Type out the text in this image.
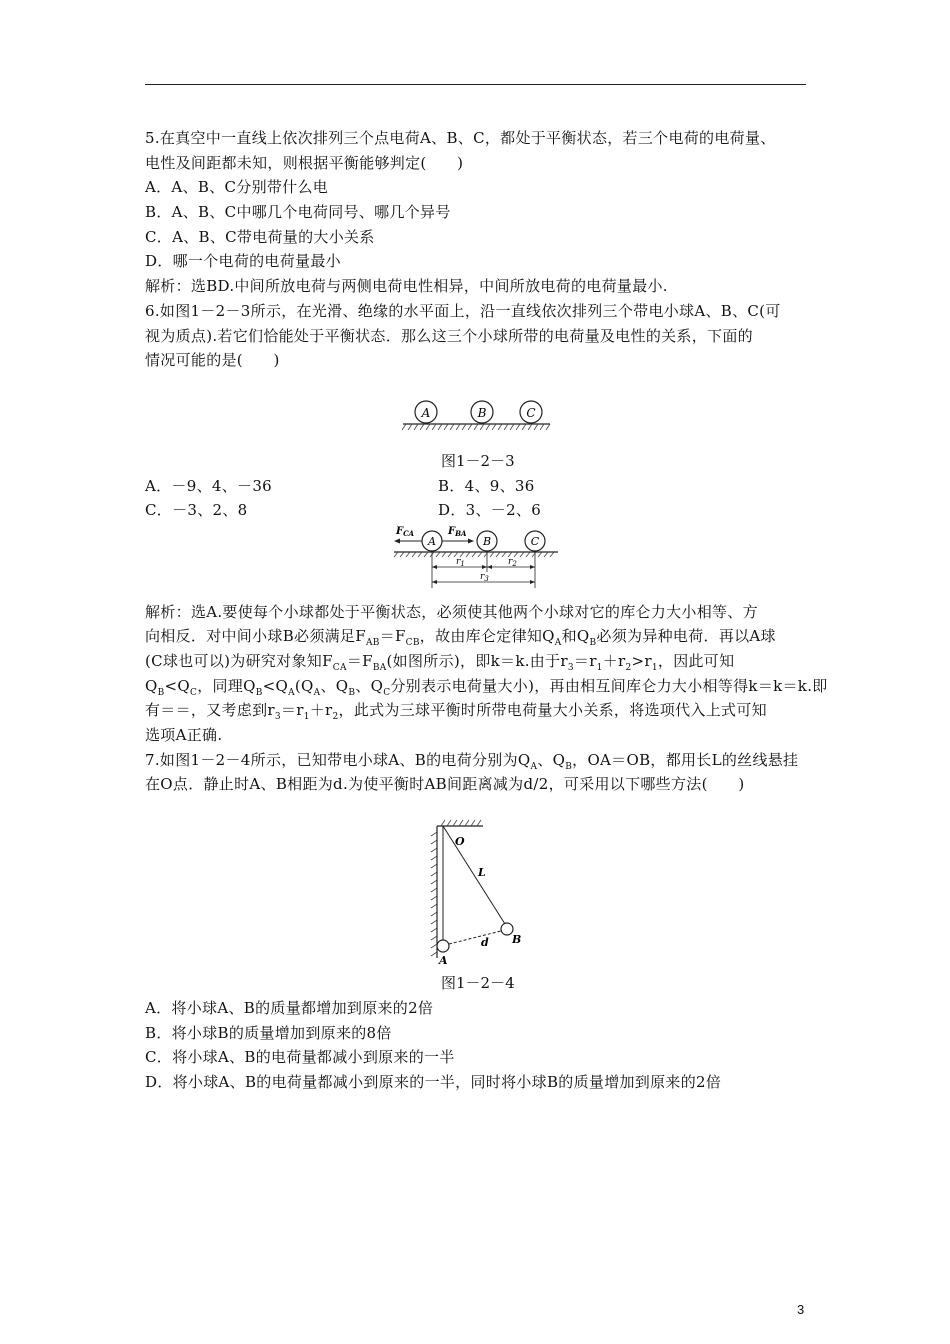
5.在真空中一直线上依次排列三个点电荷A、B、C，都处于平衡状态，若三个电荷的电荷量、
电性及间距都未知，则根据平衡能够判定(　　)
A．A、B、C分别带什么电
B．A、B、C中哪几个电荷同号、哪几个异号
C．A、B、C带电荷量的大小关系
D．哪一个电荷的电荷量最小
解析：选BD.中间所放电荷与两侧电荷电性相异，中间所放电荷的电荷量最小.
6.如图1－2－3所示，在光滑、绝缘的水平面上，沿一直线依次排列三个带电小球A、B、C(可
视为质点).若它们恰能处于平衡状态．那么这三个小球所带的电荷量及电性的关系，下面的
情况可能的是(　　)
A	B	C
图1－2－3
A．－9、4、－36	B．4、9、36
C．－3、2、8	D．3、－2、6
$F_{CA}$	$F_{BA}$
A	B	C
$r_1$	$r_2$
$r_3$
解析：选A.要使每个小球都处于平衡状态，必须使其他两个小球对它的库仑力大小相等、方
向相反．对中间小球B必须满足$F_{AB}=F_{CB}$，故由库仑定律知$Q_A$和$Q_B$必须为异种电荷．再以A球
(C球也可以)为研究对象知$F_{CA}=F_{BA}$(如图所示)，即k＝k.由于$r_3=r_1+r_2>r_1$，因此可知
$Q_B<Q_C$，同理$Q_B<Q_A(Q_A$、$Q_B$、$Q_C$分别表示电荷量大小)，再由相互间库仑力大小相等得k＝k＝k.即
有＝＝，又考虑到$r_3=r_1+r_2$，此式为三球平衡时所带电荷量大小关系，将选项代入上式可知
选项A正确.
7.如图1－2－4所示，已知带电小球A、B的电荷分别为$Q_A$、$Q_B$，OA＝OB，都用长L的丝线悬挂
在O点．静止时A、B相距为d.为使平衡时AB间距离减为d/2，可采用以下哪些方法(　　)
O
L
d
A
B
图1－2－4
A．将小球A、B的质量都增加到原来的2倍
B．将小球B的质量增加到原来的8倍
C．将小球A、B的电荷量都减小到原来的一半
D．将小球A、B的电荷量都减小到原来的一半，同时将小球B的质量增加到原来的2倍
3
